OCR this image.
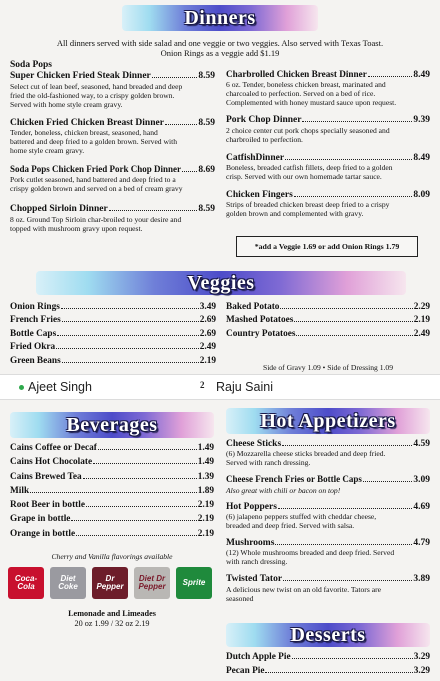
Dinners
All dinners served with side salad and one veggie or two veggies. Also served with Texas Toast.
Onion Rings as a veggie add $1.19
Soda Pops
Super Chicken Fried Steak Dinner	8.59
Select cut of lean beef, seasoned, hand breaded and deep
fried the old-fashioned way, to a crispy golden brown.
Served with home style cream gravy.
Chicken Fried Chicken Breast Dinner	8.59
Tender, boneless, chicken breast, seasoned, hand
battered and deep fried to a golden brown. Served with
home style cream gravy.
Soda Pops Chicken Fried Pork Chop Dinner 8.69
Pork cutlet seasoned, hand battered and deep fried to a
crispy golden brown and served on a bed of cream gravy
Chopped Sirloin Dinner	8.59
8 oz. Ground Top Sirloin char-broiled to your desire and
topped with mushroom gravy upon request.
Charbrolled Chicken Breast Dinner	8.49
6 oz. Tender, boneless chicken breast, marinated and
charcoaled to perfection. Served on a bed of rice.
Complemented with honey mustard sauce upon request.
Pork Chop Dinner	9.39
2 choice center cut pork chops specially seasoned and
charbroiled to perfection.
CatfishDinner	8.49
Boneless, breaded catfish fillets, deep fried to a golden
crisp. Served with our own homemade tartar sauce.
Chicken Fingers	8.09
Strips of breaded chicken breast deep fried to a crispy
golden brown and complemented with gravy.
*add a Veggie 1.69 or add Onion Rings 1.79
Veggies
Onion Rings	3.49
French Fries	2.69
Bottle Caps	2.69
Fried Okra	2.49
Green Beans	2.19
Baked Potato	2.29
Mashed Potatoes	2.19
Country Potatoes	2.49
Side of Gravy 1.09 • Side of Dressing 1.09
Ajeet Singh	2 Raju Saini
Beverages
Cains Coffee or Decaf	1.49
Cains Hot Chocolate	1.49
Cains Brewed Tea	1.39
Milk	1.89
Root Beer in bottle	2.19
Grape in bottle	2.19
Orange in bottle	2.19
Cherry and Vanilla flavorings available
Coca-Cola
Diet Coke
Dr Pepper
Diet Dr Pepper	Sprite
Lemonade and Limeades
20 oz 1.99 / 32 oz 2.19
Hot Appetizers
Cheese Sticks	4.59
(6) Mozzarella cheese sticks breaded and deep fried.
Served with ranch dressing.
Cheese French Fries or Bottle Caps	3.09
Also great with chili or bacon on top!
Hot Poppers	4.69
(6) jalapeno peppers stuffed with cheddar cheese,
breaded and deep fried. Served with salsa.
Mushrooms	4.79
(12) Whole mushrooms breaded and deep fried. Served
with ranch dressing.
Twisted Tator	3.89
A delicious new twist on an old favorite. Tators are
seasoned
Desserts
Dutch Apple Pie	3.29
Pecan Pie	3.29
